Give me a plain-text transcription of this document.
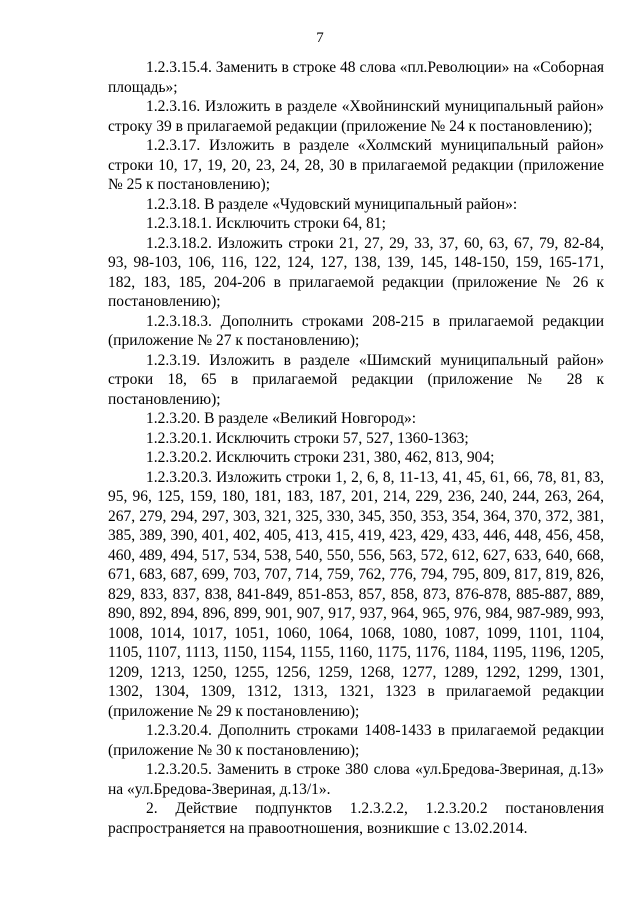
7

1.2.3.15.4. Заменить в строке 48 слова «пл.Революции» на «Соборная площадь»;

1.2.3.16. Изложить в разделе «Хвойнинский муниципальный район» строку 39 в прилагаемой редакции (приложение № 24 к постановлению);

1.2.3.17. Изложить в разделе «Холмский муниципальный район» строки 10, 17, 19, 20, 23, 24, 28, 30 в прилагаемой редакции (приложение № 25 к постановлению);

1.2.3.18. В разделе «Чудовский муниципальный район»:

1.2.3.18.1. Исключить строки 64, 81;

1.2.3.18.2. Изложить строки 21, 27, 29, 33, 37, 60, 63, 67, 79, 82-84, 93, 98-103, 106, 116, 122, 124, 127, 138, 139, 145, 148-150, 159, 165-171, 182, 183, 185, 204-206 в прилагаемой редакции (приложение № 26 к постановлению);

1.2.3.18.3. Дополнить строками 208-215 в прилагаемой редакции (приложение № 27 к постановлению);

1.2.3.19. Изложить в разделе «Шимский муниципальный район» строки 18, 65 в прилагаемой редакции (приложение № 28 к постановлению);

1.2.3.20. В разделе «Великий Новгород»:

1.2.3.20.1. Исключить строки 57, 527, 1360-1363;

1.2.3.20.2. Исключить строки 231, 380, 462, 813, 904;

1.2.3.20.3. Изложить строки 1, 2, 6, 8, 11-13, 41, 45, 61, 66, 78, 81, 83, 95, 96, 125, 159, 180, 181, 183, 187, 201, 214, 229, 236, 240, 244, 263, 264, 267, 279, 294, 297, 303, 321, 325, 330, 345, 350, 353, 354, 364, 370, 372, 381, 385, 389, 390, 401, 402, 405, 413, 415, 419, 423, 429, 433, 446, 448, 456, 458, 460, 489, 494, 517, 534, 538, 540, 550, 556, 563, 572, 612, 627, 633, 640, 668, 671, 683, 687, 699, 703, 707, 714, 759, 762, 776, 794, 795, 809, 817, 819, 826, 829, 833, 837, 838, 841-849, 851-853, 857, 858, 873, 876-878, 885-887, 889, 890, 892, 894, 896, 899, 901, 907, 917, 937, 964, 965, 976, 984, 987-989, 993, 1008, 1014, 1017, 1051, 1060, 1064, 1068, 1080, 1087, 1099, 1101, 1104, 1105, 1107, 1113, 1150, 1154, 1155, 1160, 1175, 1176, 1184, 1195, 1196, 1205, 1209, 1213, 1250, 1255, 1256, 1259, 1268, 1277, 1289, 1292, 1299, 1301, 1302, 1304, 1309, 1312, 1313, 1321, 1323 в прилагаемой редакции (приложение № 29 к постановлению);

1.2.3.20.4. Дополнить строками 1408-1433 в прилагаемой редакции (приложение № 30 к постановлению);

1.2.3.20.5. Заменить в строке 380 слова «ул.Бредова-Звериная, д.13» на «ул.Бредова-Звериная, д.13/1».

2. Действие подпунктов 1.2.3.2.2, 1.2.3.20.2 постановления распространяется на правоотношения, возникшие с 13.02.2014.
